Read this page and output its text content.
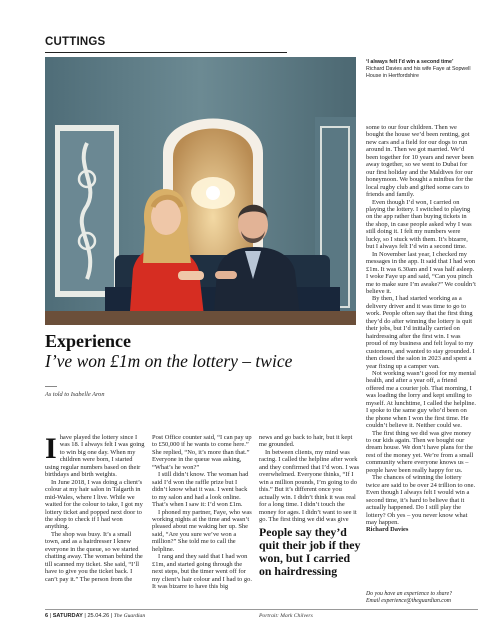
CUTTINGS
‘I always felt I’d win a second time’
Richard Davies and his wife Faye at Sopwell House in Hertfordshire
Experience
I’ve won £1m on the lottery – twice
As told to Isabelle Aron

Ihave played the lottery since I was 18. I always felt I was going to win big one day. When my children were born, I started using regular numbers based on their birthdays and birth weights.

In June 2018, I was doing a client’s colour at my hair salon in Talgarth in mid-Wales, where I live. While we waited for the colour to take, I got my lottery ticket and popped next door to the shop to check if I had won anything.

The shop was busy. It’s a small town, and as a hairdresser I knew everyone in the queue, so we started chatting away. The woman behind the till scanned my ticket. She said, “I’ll have to give you the ticket back. I can’t pay it.” The person from the

Post Office counter said, “I can pay up to £50,000 if he wants to come here.” She replied, “No, it’s more than that.” Everyone in the queue was asking, “What’s he won?”

I still didn’t know. The woman had said I’d won the raffle prize but I didn’t know what it was. I went back to my salon and had a look online. That’s when I saw it: I’d won £1m.

I phoned my partner, Faye, who was working nights at the time and wasn’t pleased about me waking her up. She said, “Are you sure we’ve won a million?” She told me to call the helpline.

I rang and they said that I had won £1m, and started going through the next steps, but the timer went off for my client’s hair colour and I had to go. It was bizarre to have this big

news and go back to hair, but it kept me grounded.

In between clients, my mind was racing. I called the helpline after work and they confirmed that I’d won. I was overwhelmed. Everyone thinks, “If I win a million pounds, I’m going to do this.” But it’s different once you actually win. I didn’t think it was real for a long time. I didn’t touch the money for ages. I didn’t want to see it go. The first thing we did was give

People say they’d quit their job if they won, but I carried on hairdressing

some to our four children. Then we bought the house we’d been renting, got new cars and a field for our dogs to run around in. Then we got married. We’d been together for 10 years and never been away together, so we went to Dubai for our first holiday and the Maldives for our honeymoon. We bought a minibus for the local rugby club and gifted some cars to friends and family.

Even though I’d won, I carried on playing the lottery. I switched to playing on the app rather than buying tickets in the shop, in case people asked why I was still doing it. I felt my numbers were lucky, so I stuck with them. It’s bizarre, but I always felt I’d win a second time.

In November last year, I checked my messages in the app. It said that I had won £1m. It was 6.30am and I was half asleep. I woke Faye up and said, “Can you pinch me to make sure I’m awake?” We couldn’t believe it.

By then, I had started working as a delivery driver and it was time to go to work. People often say that the first thing they’d do after winning the lottery is quit their jobs, but I’d initially carried on hairdressing after the first win. I was proud of my business and felt loyal to my customers, and wanted to stay grounded. I then closed the salon in 2023 and spent a year fixing up a camper van.

Not working wasn’t good for my mental health, and after a year off, a friend offered me a courier job. That morning, I was loading the lorry and kept smiling to myself. At lunchtime, I called the helpline. I spoke to the same guy who’d been on the phone when I won the first time. He couldn’t believe it. Neither could we.

The first thing we did was give money to our kids again. Then we bought our dream house. We don’t have plans for the rest of the money yet. We’re from a small community where everyone knows us – people have been really happy for us.

The chances of winning the lottery twice are said to be over 24 trillion to one. Even though I always felt I would win a second time, it’s hard to believe that it actually happened. Do I still play the lottery? Oh yes – you never know what may happen.

Richard Davies

Do you have an experience to share?
Email experience@theguardian.com
6 | SATURDAY | 25.04.26 | The Guardian	Portrait: Mark Chilvers
